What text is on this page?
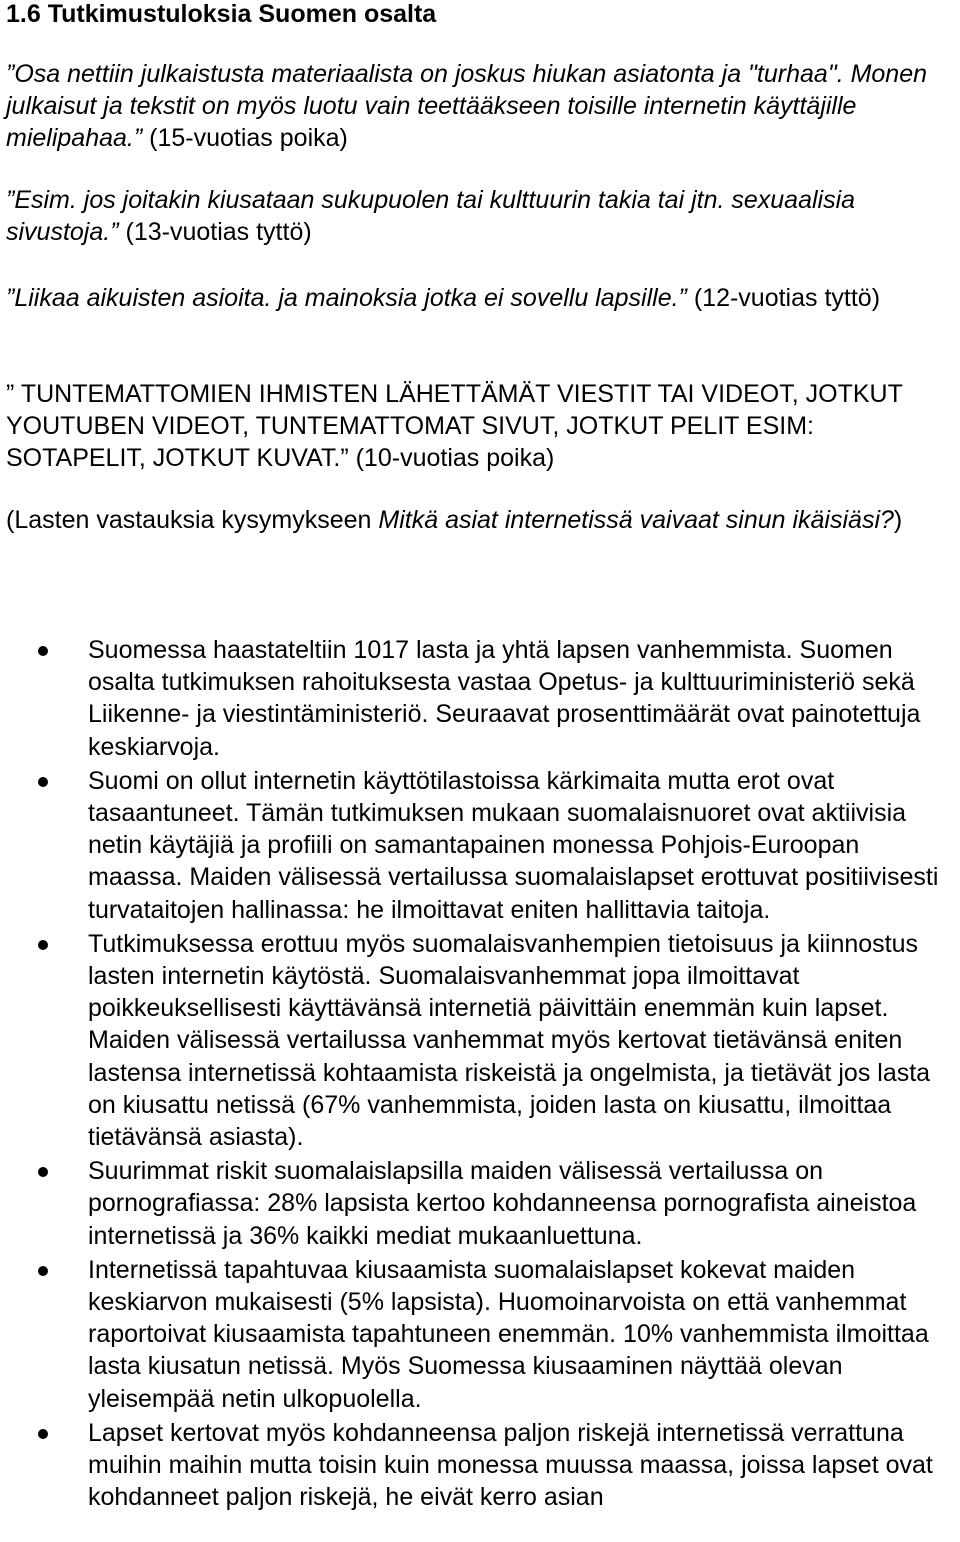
1.6 Tutkimustuloksia Suomen osalta

”Osa nettiin julkaistusta materiaalista on joskus hiukan asiatonta ja "turhaa". Monen julkaisut ja tekstit on myös luotu vain teettääkseen toisille internetin käyttäjille mielipahaa.” (15-vuotias poika)

”Esim. jos joitakin kiusataan sukupuolen tai kulttuurin takia tai jtn. sexuaalisia sivustoja.” (13-vuotias tyttö)

”Liikaa aikuisten asioita. ja mainoksia jotka ei sovellu lapsille.” (12-vuotias tyttö)

” TUNTEMATTOMIEN IHMISTEN LÄHETTÄMÄT VIESTIT TAI VIDEOT, JOTKUT YOUTUBEN VIDEOT, TUNTEMATTOMAT SIVUT, JOTKUT PELIT ESIM: SOTAPELIT, JOTKUT KUVAT.” (10-vuotias poika)

(Lasten vastauksia kysymykseen Mitkä asiat internetissä vaivaat sinun ikäisiäsi?)

Suomessa haastateltiin 1017 lasta ja yhtä lapsen vanhemmista. Suomen osalta tutkimuksen rahoituksesta vastaa Opetus- ja kulttuuriministeriö sekä Liikenne- ja viestintäministeriö. Seuraavat prosenttimäärät ovat painotettuja keskiarvoja.
Suomi on ollut internetin käyttötilastoissa kärkimaita mutta erot ovat tasaantuneet. Tämän tutkimuksen mukaan suomalaisnuoret ovat aktiivisia netin käytäjiä ja profiili on samantapainen monessa Pohjois-Euroopan maassa. Maiden välisessä vertailussa suomalaislapset erottuvat positiivisesti turvataitojen hallinassa: he ilmoittavat eniten hallittavia taitoja.
Tutkimuksessa erottuu myös suomalaisvanhempien tietoisuus ja kiinnostus lasten internetin käytöstä. Suomalaisvanhemmat jopa ilmoittavat poikkeuksellisesti käyttävänsä internetiä päivittäin enemmän kuin lapset. Maiden välisessä vertailussa vanhemmat myös kertovat tietävänsä eniten lastensa internetissä kohtaamista riskeistä ja ongelmista, ja tietävät jos lasta on kiusattu netissä (67% vanhemmista, joiden lasta on kiusattu, ilmoittaa tietävänsä asiasta).
Suurimmat riskit suomalaislapsilla maiden välisessä vertailussa on pornografiassa: 28% lapsista kertoo kohdanneensa pornografista aineistoa internetissä ja 36% kaikki mediat mukaanluettuna.
Internetissä tapahtuvaa kiusaamista suomalaislapset kokevat maiden keskiarvon mukaisesti (5% lapsista). Huomoinarvoista on että vanhemmat raportoivat kiusaamista tapahtuneen enemmän. 10% vanhemmista ilmoittaa lasta kiusatun netissä. Myös Suomessa kiusaaminen näyttää olevan yleisempää netin ulkopuolella.
Lapset kertovat myös kohdanneensa paljon riskejä internetissä verrattuna muihin maihin mutta toisin kuin monessa muussa maassa, joissa lapset ovat kohdanneet paljon riskejä, he eivät kerro asian
